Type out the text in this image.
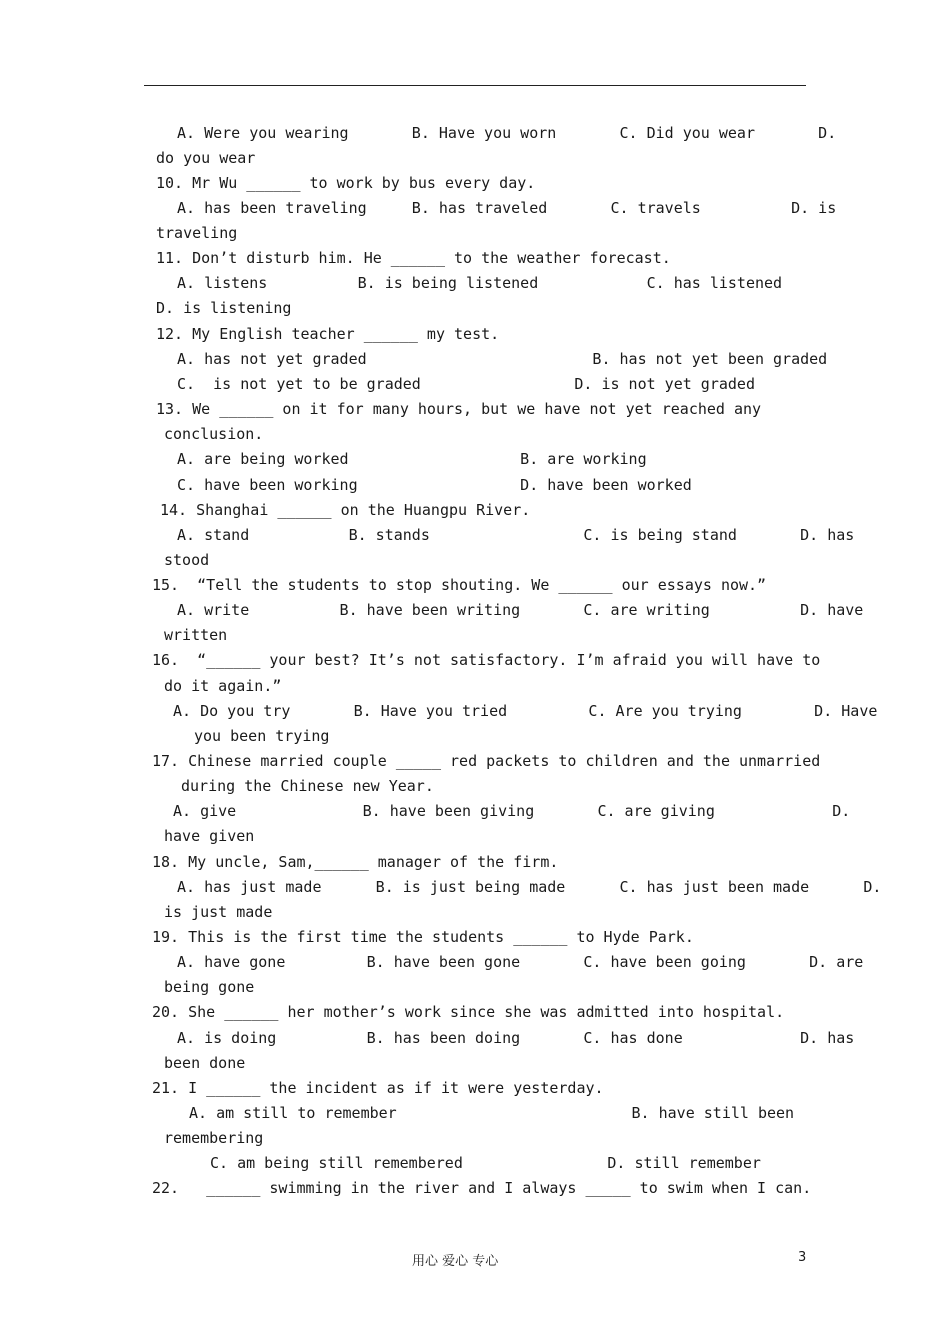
A. Were you wearing       B. Have you worn       C. Did you wear       D.
do you wear
10. Mr Wu ______ to work by bus every day.
A. has been traveling     B. has traveled       C. travels          D. is
traveling
11. Don’t disturb him. He ______ to the weather forecast.
A. listens          B. is being listened            C. has listened
D. is listening
12. My English teacher ______ my test.
A. has not yet graded                         B. has not yet been graded
C.  is not yet to be graded                 D. is not yet graded
13. We ______ on it for many hours, but we have not yet reached any
conclusion.
A. are being worked                   B. are working
C. have been working                  D. have been worked
14. Shanghai ______ on the Huangpu River.
A. stand           B. stands                 C. is being stand       D. has
stood
15.  “Tell the students to stop shouting. We ______ our essays now.”
A. write          B. have been writing       C. are writing          D. have
written
16.  “______ your best? It’s not satisfactory. I’m afraid you will have to
do it again.”
A. Do you try       B. Have you tried         C. Are you trying        D. Have
you been trying
17. Chinese married couple _____ red packets to children and the unmarried
during the Chinese new Year.
A. give              B. have been giving       C. are giving             D.
have given
18. My uncle, Sam,______ manager of the firm.
A. has just made      B. is just being made      C. has just been made      D.
is just made
19. This is the first time the students ______ to Hyde Park.
A. have gone         B. have been gone       C. have been going       D. are
being gone
20. She ______ her mother’s work since she was admitted into hospital.
A. is doing          B. has been doing       C. has done             D. has
been done
21. I ______ the incident as if it were yesterday.
A. am still to remember                          B. have still been
remembering
C. am being still remembered                D. still remember
22.   ______ swimming in the river and I always _____ to swim when I can.
用心 爱心 专心	3
